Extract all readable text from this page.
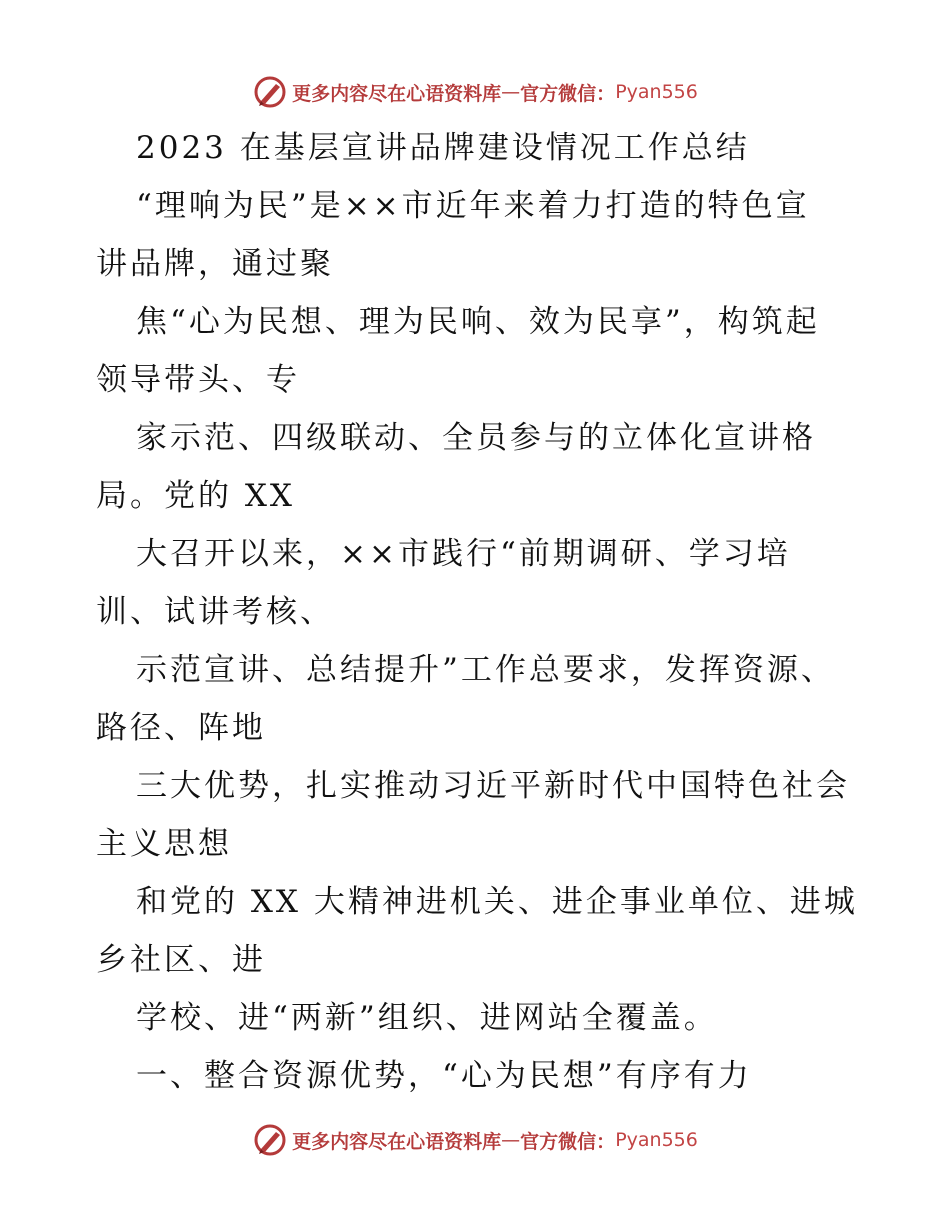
更多内容尽在心语资料库 — 官方微信： Pyan556
2023 在基层宣讲品牌建设情况工作总结
“理响为民”是××市近年来着力打造的特色宣
讲品牌，通过聚
焦“心为民想、理为民响、效为民享”，构筑起
领导带头、专
家示范、四级联动、全员参与的立体化宣讲格
局。党的 XX
大召开以来，××市践行“前期调研、学习培
训、试讲考核、
示范宣讲、总结提升”工作总要求，发挥资源、
路径、阵地
三大优势，扎实推动习近平新时代中国特色社会
主义思想
和党的 XX 大精神进机关、进企事业单位、进城
乡社区、进
学校、进“两新”组织、进网站全覆盖。
一、整合资源优势，“心为民想”有序有力
更多内容尽在心语资料库 — 官方微信： Pyan556
